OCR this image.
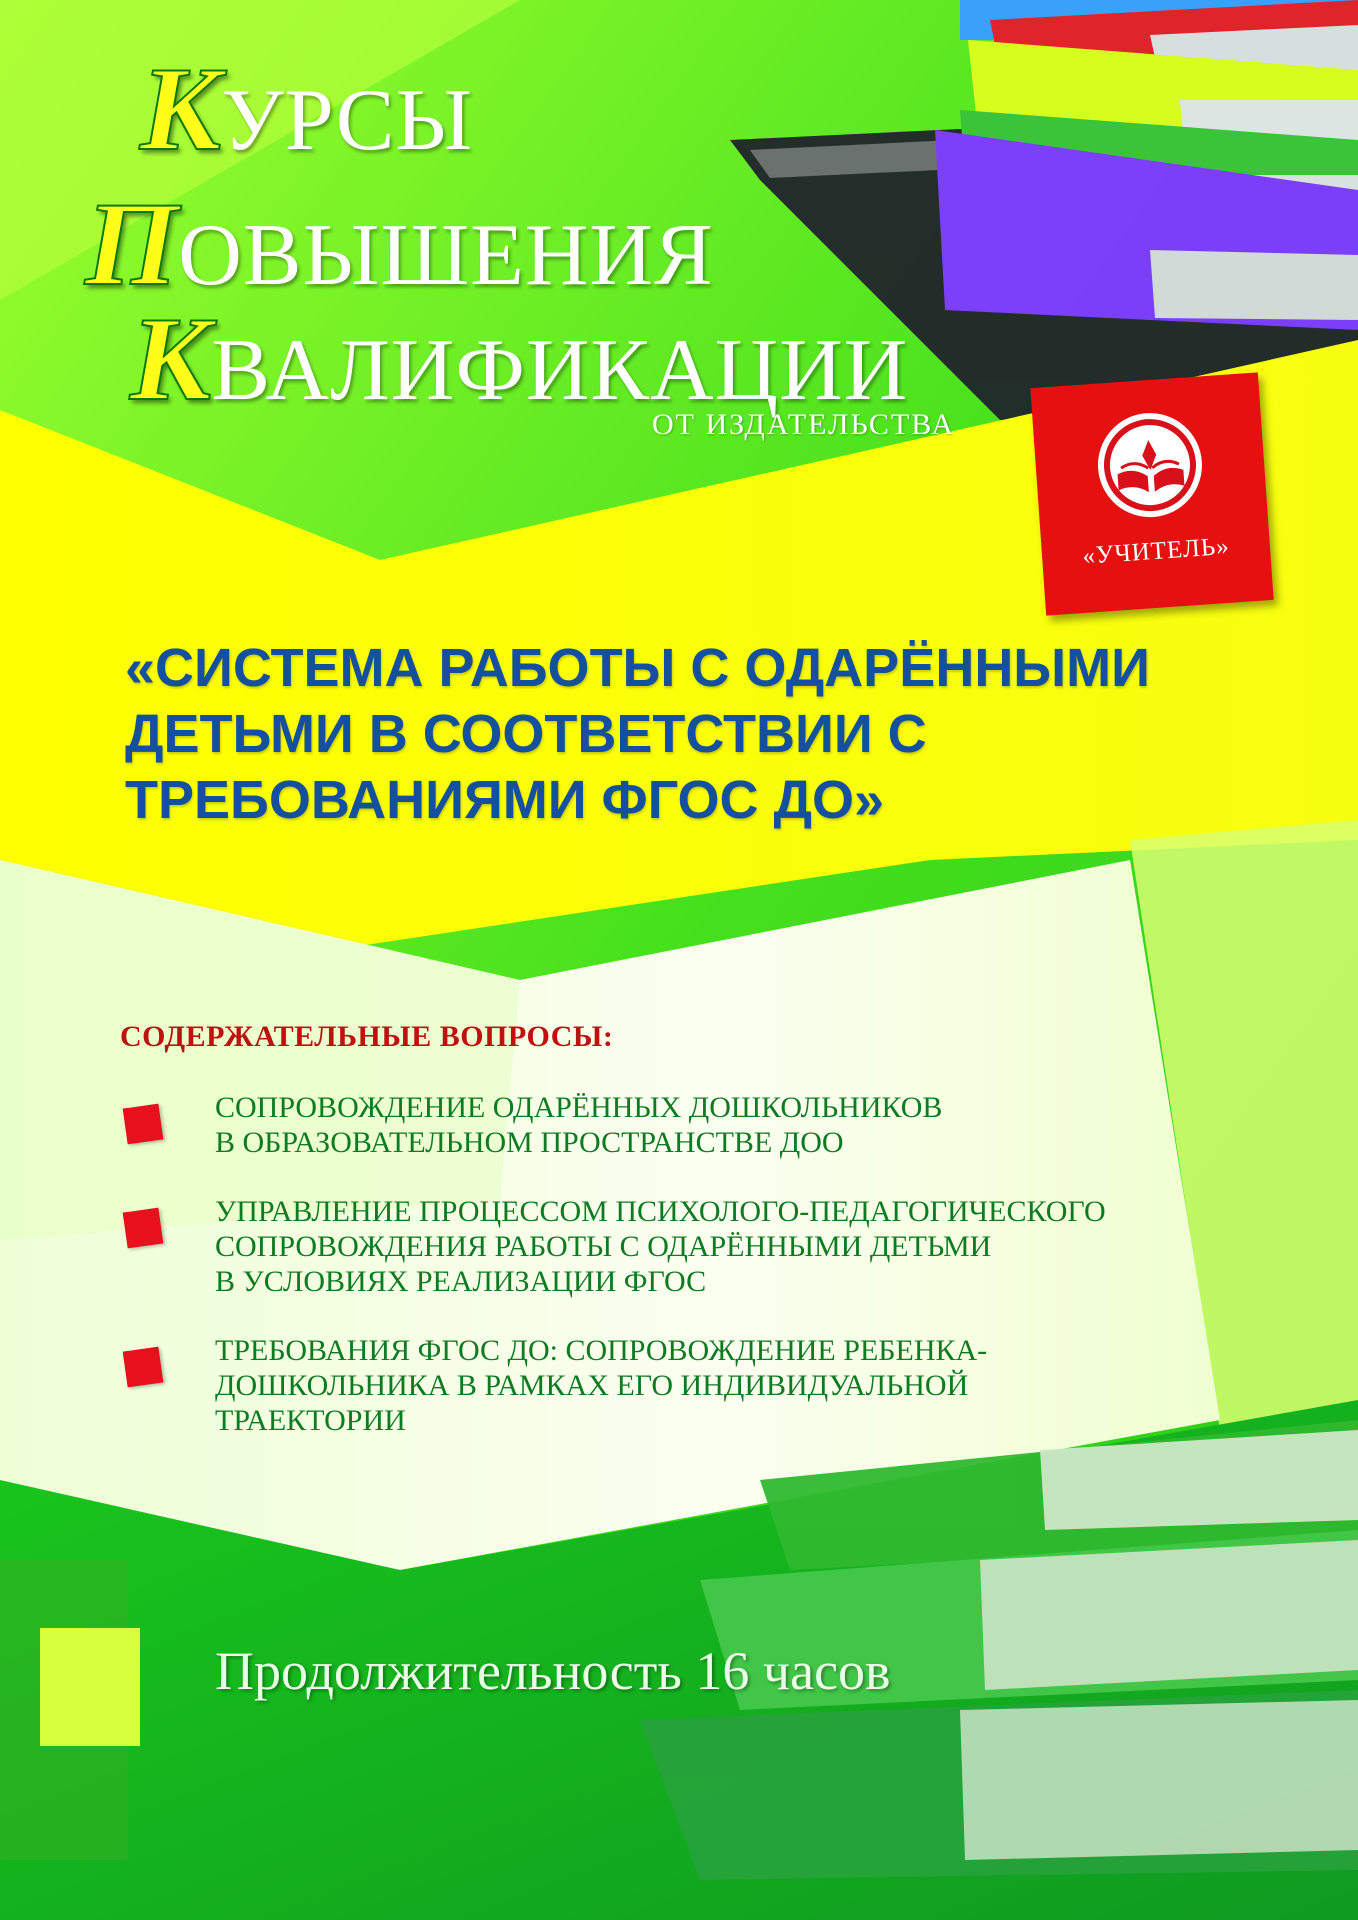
КУРСЫ
ПОВЫШЕНИЯ
КВАЛИФИКАЦИИ

ОТ ИЗДАТЕЛЬСТВА

«УЧИТЕЛЬ»
«СИСТЕМА РАБОТЫ С ОДАРЁННЫМИ ДЕТЬМИ В СООТВЕТСТВИИ С ТРЕБОВАНИЯМИ ФГОС ДО»
СОДЕРЖАТЕЛЬНЫЕ ВОПРОСЫ:
СОПРОВОЖДЕНИЕ ОДАРЁННЫХ ДОШКОЛЬНИКОВ
В ОБРАЗОВАТЕЛЬНОМ ПРОСТРАНСТВЕ ДОО
УПРАВЛЕНИЕ ПРОЦЕССОМ ПСИХОЛОГО-ПЕДАГОГИЧЕСКОГО
СОПРОВОЖДЕНИЯ РАБОТЫ С ОДАРЁННЫМИ ДЕТЬМИ
В УСЛОВИЯХ РЕАЛИЗАЦИИ ФГОС
ТРЕБОВАНИЯ ФГОС ДО: СОПРОВОЖДЕНИЕ РЕБЕНКА-
ДОШКОЛЬНИКА В РАМКАХ ЕГО ИНДИВИДУАЛЬНОЙ
ТРАЕКТОРИИ

Продолжительность 16 часов
